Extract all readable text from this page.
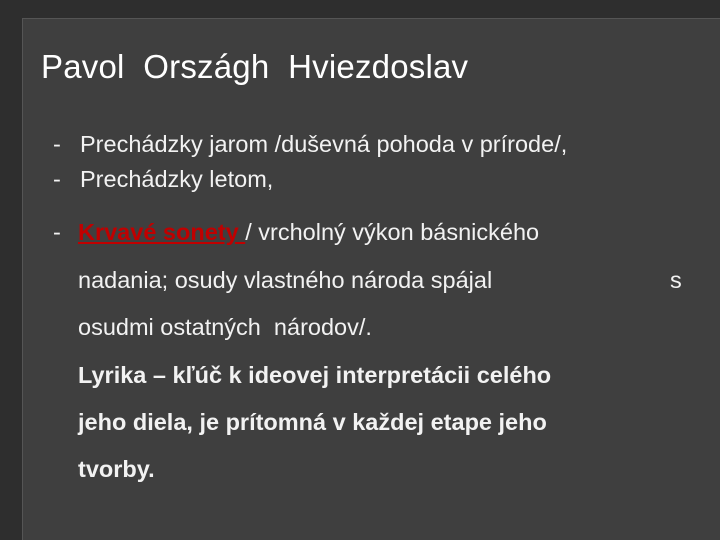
Pavol  Országh  Hviezdoslav
- Prechádzky jarom /duševná pohoda v prírode/,
- Prechádzky letom,
- Krvavé sonety / vrcholný výkon básnického
nadania; osudy vlastného národa spájal	s
osudmi ostatných  národov/.
Lyrika – kľúč k ideovej interpretácii celého
jeho diela, je prítomná v každej etape jeho
tvorby.
